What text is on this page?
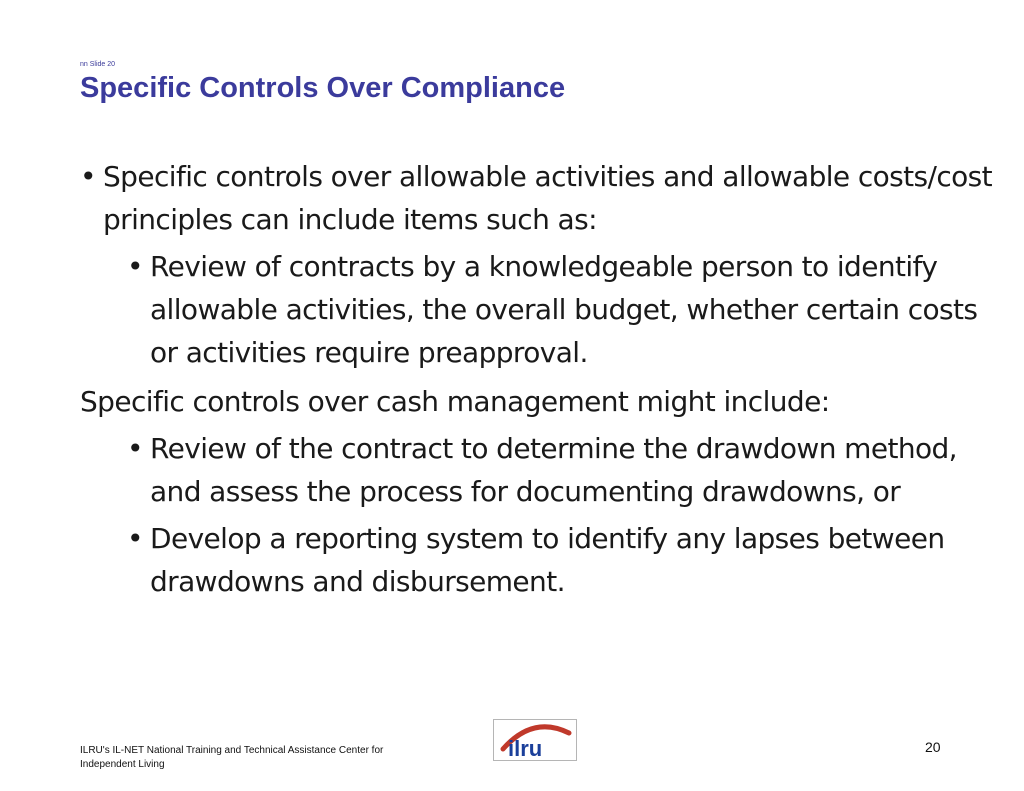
nn Slide 20
Specific Controls Over Compliance

• Specific controls over allowable activities and allowable costs/cost principles can include items such as:

• Review of contracts by a knowledgeable person to identify allowable activities, the overall budget, whether certain costs or activities require preapproval.

Specific controls over cash management might include:

• Review of the contract to determine the drawdown method, and assess the process for documenting drawdowns, or

• Develop a reporting system to identify any lapses between drawdowns and disbursement.

ILRU's IL-NET National Training and Technical Assistance Center for
Independent Living
ilru	20
